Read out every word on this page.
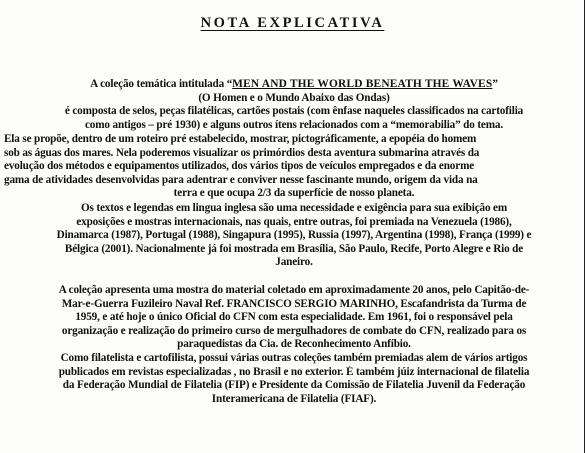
NOTA EXPLICATIVA
A coleção temática intitulada “MEN AND THE WORLD BENEATH THE WAVES”
(O Homen e o Mundo Abaixo das Ondas)
é composta de selos, peças filatélicas, cartões postais (com ênfase naqueles classificados na cartofilia
como antigos – pré 1930) e alguns outros ítens relacionados com a “memorabilia” do tema.
Ela se propõe, dentro de um roteiro pré estabelecido, mostrar, pictográficamente, a epopéia do homem
sob as águas dos mares. Nela poderemos visualizar os primórdios desta aventura submarina através da
evolução dos métodos e equipamentos utilizados, dos vários tipos de veículos empregados e da enorme
gama de atividades desenvolvidas para adentrar e conviver nesse fascinante mundo, origem da vida na
terra e que ocupa 2/3 da superfície de nosso planeta.
Os textos e legendas em lingua inglesa são uma necessidade e exigência para sua exibição em
exposições e mostras internacionais, nas quais, entre outras, foi premiada na Venezuela (1986),
Dinamarca (1987), Portugal (1988), Singapura (1995), Russia (1997), Argentina (1998), França (1999) e
Bélgica (2001). Nacionalmente já foi mostrada em Brasília, São Paulo, Recife, Porto Alegre e Rio de
Janeiro.
A coleção apresenta uma mostra do material coletado em aproximadamente 20 anos, pelo Capitão-de-
Mar-e-Guerra Fuzileiro Naval Ref. FRANCISCO SERGIO MARINHO, Escafandrista da Turma de
1959, e até hoje o único Oficial do CFN com esta especialidade. Em 1961, foi o responsável pela
organização e realização do primeiro curso de mergulhadores de combate do CFN, realizado para os
paraquedistas da Cia. de Reconhecimento Anfíbio.
Como filatelista e cartofilista, possui várias outras coleções também premiadas alem de vários artigos
publicados em revistas especializadas , no Brasil e no exterior. É também júiz internacional de filatelia
da Federação Mundial de Filatelia (FIP) e Presidente da Comissão de Filatelia Juvenil da Federação
Interamericana de Filatelia (FIAF).
